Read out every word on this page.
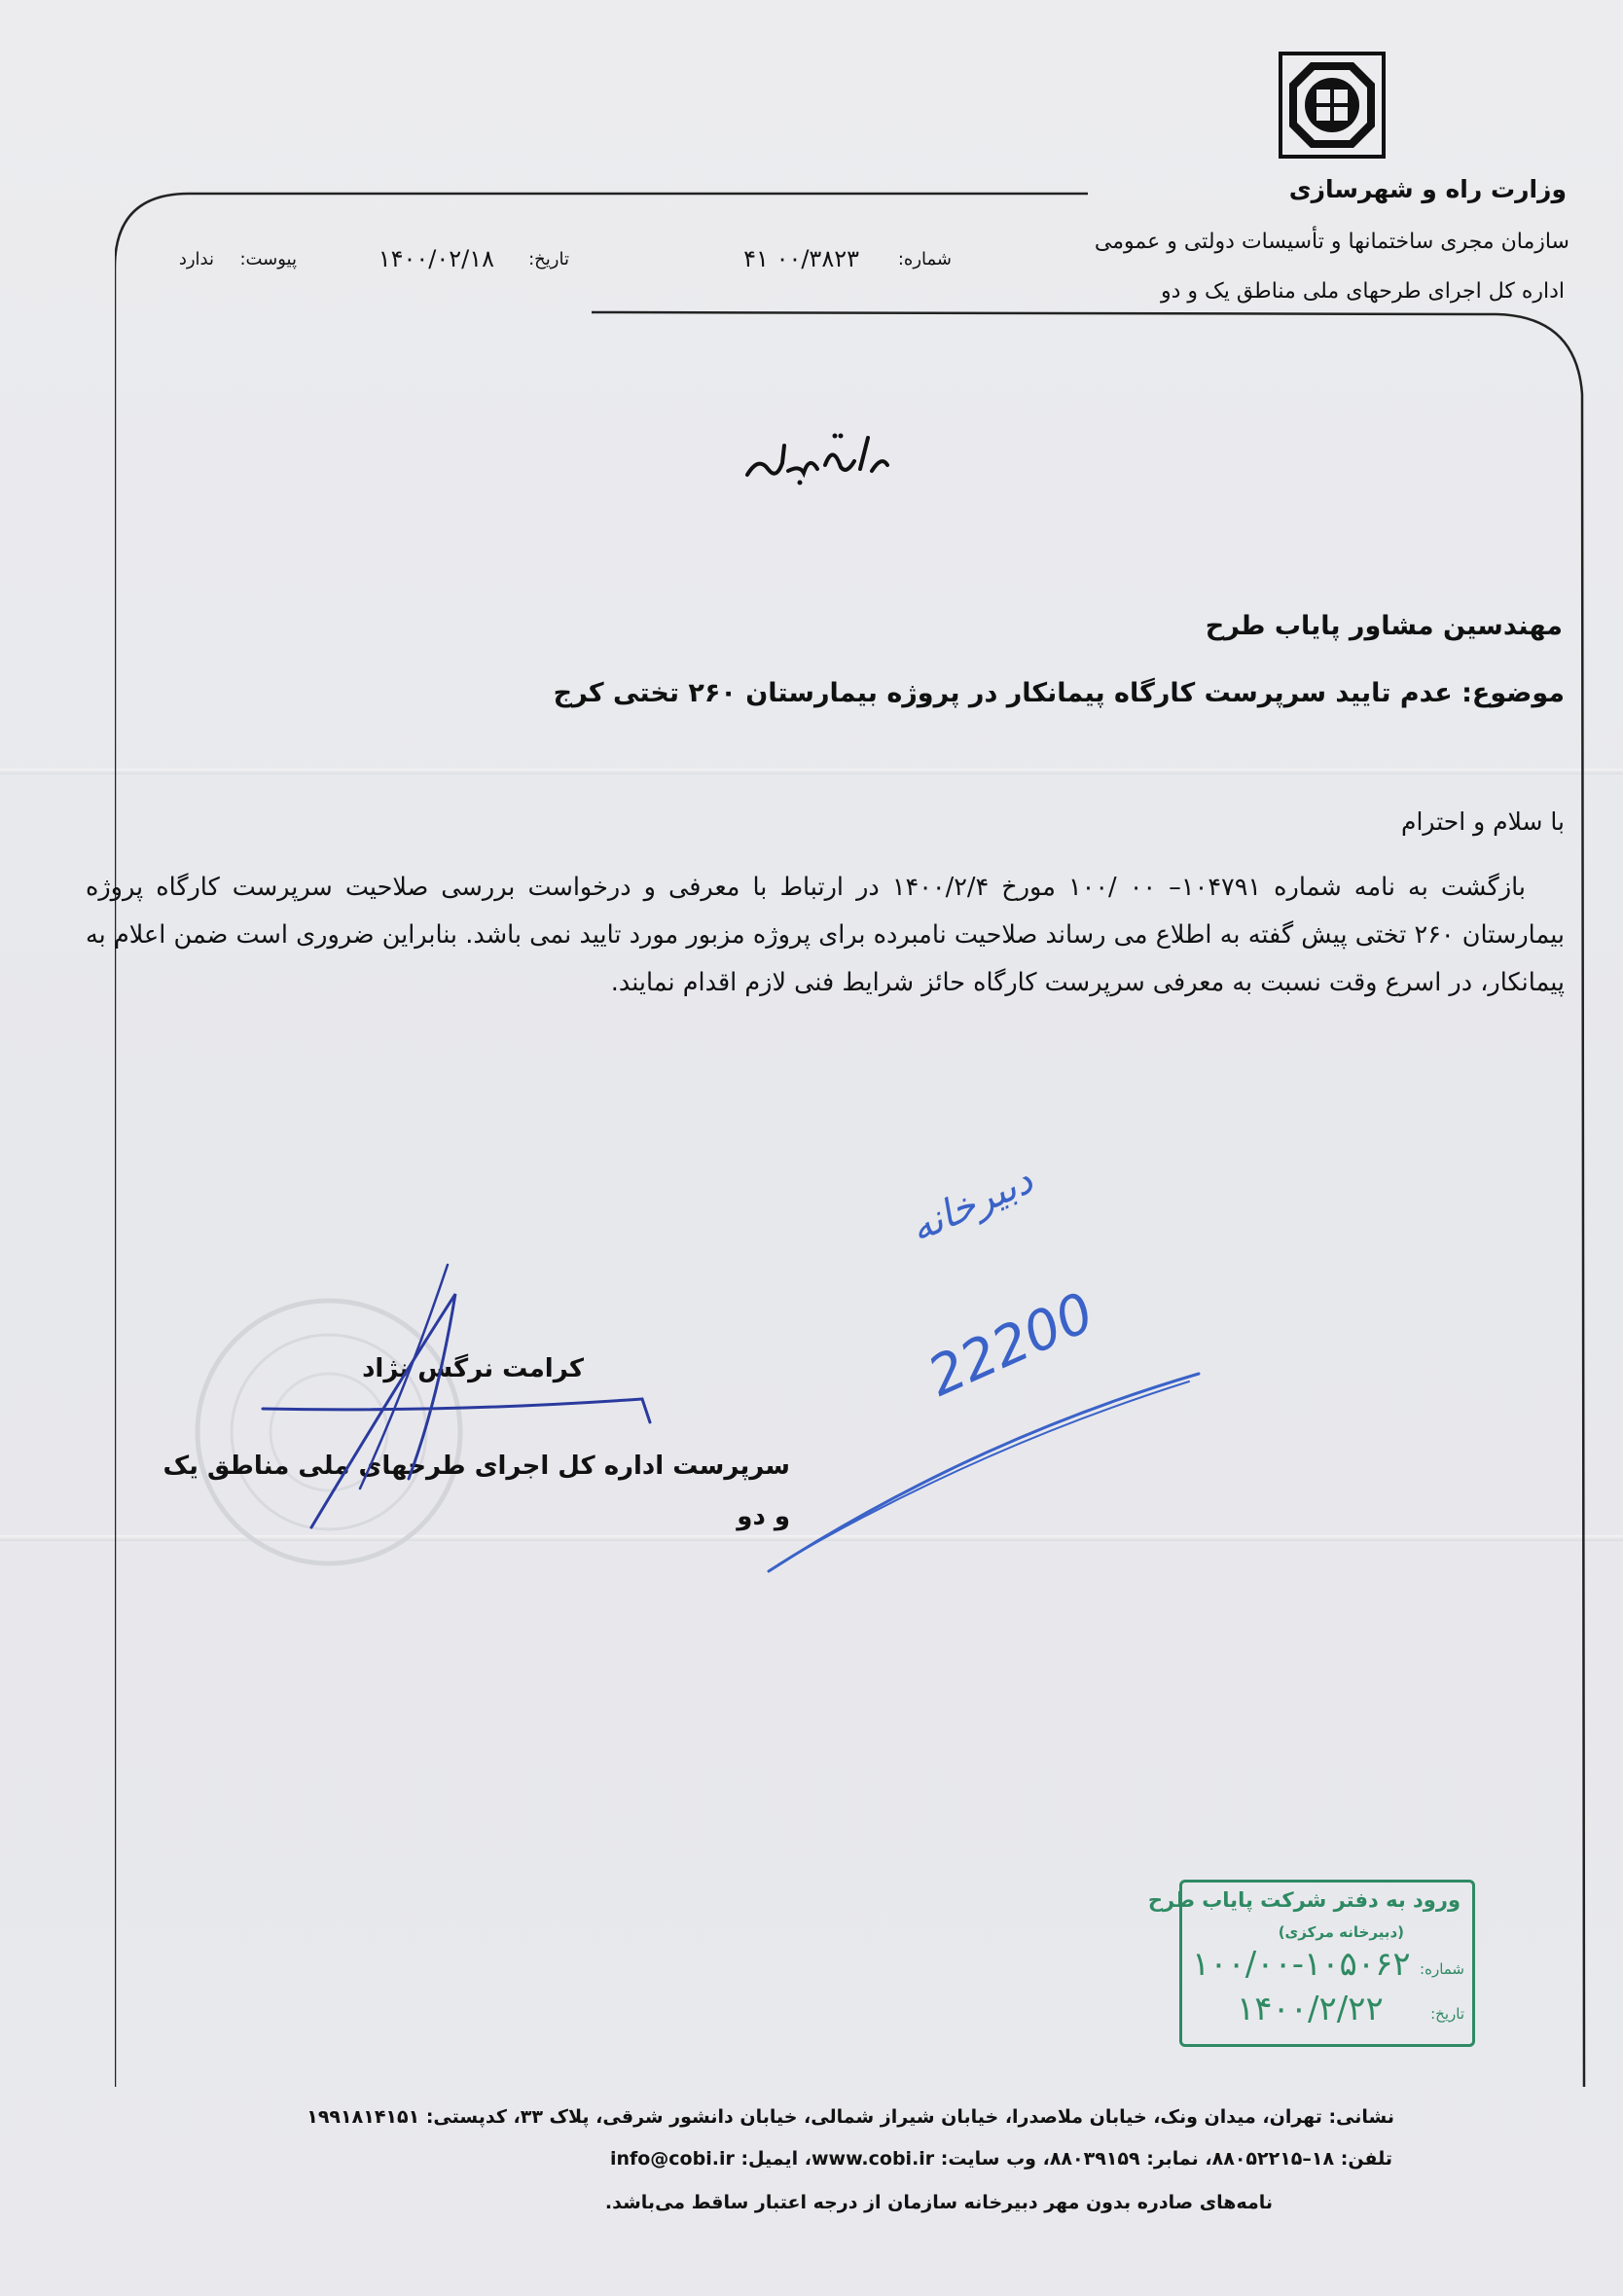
وزارت راه و شهرسازی
سازمان مجری ساختمانها و تأسیسات دولتی و عمومی
اداره کل اجرای طرحهای ملی مناطق یک و دو
شماره:
۴۱ ۰۰/۳۸۲۳
تاریخ:
۱۴۰۰/۰۲/۱۸
پیوست:
ندارد
مهندسین مشاور پایاب طرح
موضوع: عدم تایید سرپرست کارگاه پیمانکار در پروژه بیمارستان ۲۶۰ تختی کرج
با سلام و احترام

بازگشت به نامه شماره ۱۰۴۷۹۱– ۰۰ /۱۰۰ مورخ ۱۴۰۰/۲/۴ در ارتباط با معرفی و درخواست بررسی صلاحیت سرپرست کارگاه پروژه بیمارستان ۲۶۰ تختی پیش گفته به اطلاع می رساند صلاحیت نامبرده برای پروژه مزبور مورد تایید نمی باشد. بنابراین ضروری است ضمن اعلام به پیمانکار، در اسرع وقت نسبت به معرفی سرپرست کارگاه حائز شرایط فنی لازم اقدام نمایند.

کرامت نرگس نژاد
سرپرست اداره کل اجرای طرحهای ملی مناطق یک و دو
دبیرخانه
22200
ورود به دفتر شرکت پایاب طرح
(دبیرخانه مرکزی)
شماره:
۱۰۰/۰۰-۱۰۵۰۶۲
تاریخ:
۱۴۰۰/۲/۲۲
نشانی: تهران، میدان ونک، خیابان ملاصدرا، خیابان شیراز شمالی، خیابان دانشور شرقی، پلاک ۳۳، کدپستی: ۱۹۹۱۸۱۴۱۵۱
تلفن: ۱۸–۸۸۰۵۲۲۱۵، نمابر: ۸۸۰۳۹۱۵۹، وب سایت: www.cobi.ir، ایمیل: info@cobi.ir
نامه‌های صادره بدون مهر دبیرخانه سازمان از درجه اعتبار ساقط می‌باشد.
